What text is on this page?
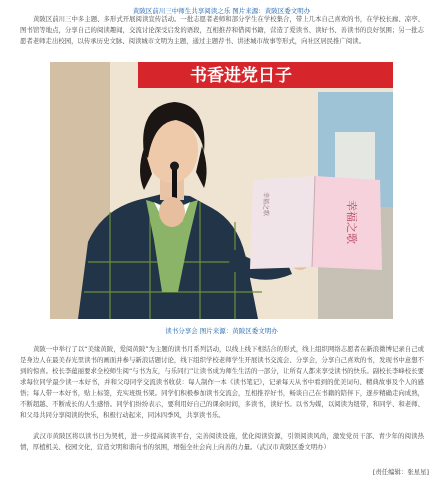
黄陂区前川三中师生共享阅读之乐 图片来源：黄陂区委文明办

黄陂区前川三中多主题、多形式开展阅读宣传活动。一批志愿者老师和部分学生在学校集合，带上几本自己喜欢的书，在学校长廊、凉亭、图书馆等地点，分享自己的阅读趣闻，交流讨论深受启发的语段，互相推荐和借阅书籍，营造了爱读书、读好书、善读书的良好氛围；另一批志愿者老师走出校园，以传承历史文脉、阅读城市文明为主题，通过主题荐书、讲述城市故事等形式，向社区居民推广阅读。

书香进党日子
幸福之歌	幸福之歌
读书分享会 图片来源：黄陂区委文明办

黄陂一中举行了以“美缘黄陂，爱阅黄陂”为主题的读书月系列活动，以线上线下相结合的形式，线上组织网络志愿者在新浪微博记录自己或是身边人在最美春光里读书的画面并参与新浪话题讨论，线下组织学校老师学生开展读书交流会、分享会，分享自己喜欢的书，发现书中意想不到的惊喜。校长李蕴丽要求全校师生阅“与书为友，与乐同行”让读书成为师生生活的一部分，让所有人都来享受读书的快乐。副校长李峰校长要求每位同学最少读一本好书，并和父母同学交流读书收获：每人制作一本《读书笔记》，记录每天从书中看到的优美词句、精典故事及个人的感悟；每人带一本好书，贴上标签，充实班级书架。同学们积极参加读书交流会，互相推荐好书，畅谈自己在书籍的陪伴下，逐步精确走向成熟，不断超越、不断成长的人生感悟。同学们纷纷表示，要利用好自己的课余时间，多读书，读好书。以书为媒，以阅读为纽带，和同学、和老师、和父母共同分享阅读的快乐，积极行动起来，同沐四季风，共享读书乐。

武汉市黄陂区将以读书日为契机，进一步提高阅读平台，完善阅读设施，优化阅读资源，引领阅读风尚，激发党员干部、青少年的阅读热情，厚植机关、校园文化，营造文明和谐向书的氛围，增强全社会向上向善的力量。（武汉市黄陂区委文明办）

[责任编辑：张星星]
